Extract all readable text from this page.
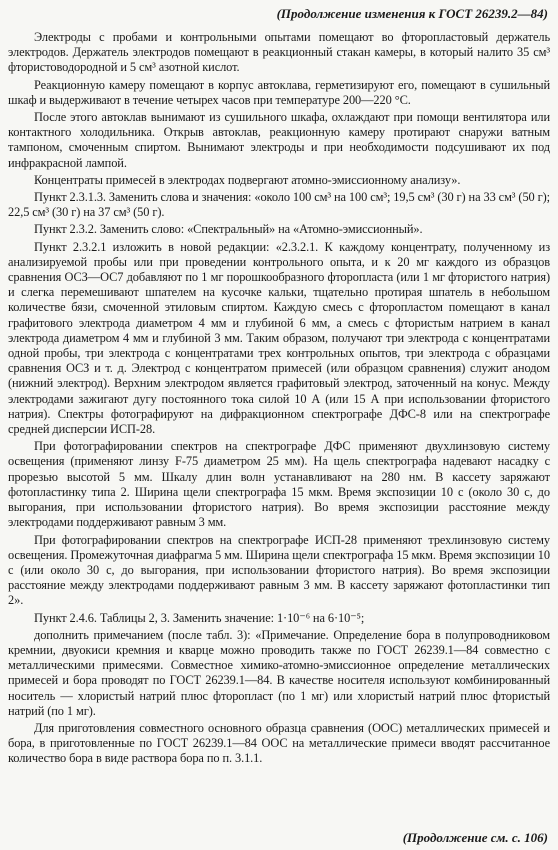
(Продолжение изменения к ГОСТ 26239.2—84)

Электроды с пробами и контрольными опытами помещают во фторопластовый держатель электродов. Держатель электродов помещают в реакционный стакан камеры, в который налито 35 см³ фтористоводородной и 5 см³ азотной кислот.

Реакционную камеру помещают в корпус автоклава, герметизируют его, помещают в сушильный шкаф и выдерживают в течение четырех часов при температуре 200—220 °С.

После этого автоклав вынимают из сушильного шкафа, охлаждают при помощи вентилятора или контактного холодильника. Открыв автоклав, реакционную камеру протирают снаружи ватным тампоном, смоченным спиртом. Вынимают электроды и при необходимости подсушивают их под инфракрасной лампой.

Концентраты примесей в электродах подвергают атомно-эмиссионному анализу».

Пункт 2.3.1.3. Заменить слова и значения: «около 100 см³ на 100 см³; 19,5 см³ (30 г) на 33 см³ (50 г); 22,5 см³ (30 г) на 37 см³ (50 г).

Пункт 2.3.2. Заменить слово: «Спектральный» на «Атомно-эмиссионный».

Пункт 2.3.2.1 изложить в новой редакции: «2.3.2.1. К каждому концентрату, полученному из анализируемой пробы или при проведении контрольного опыта, и к 20 мг каждого из образцов сравнения ОСЗ—ОС7 добавляют по 1 мг порошкообразного фторопласта (или 1 мг фтористого натрия) и слегка перемешивают шпателем на кусочке кальки, тщательно протирая шпатель в небольшом количестве бязи, смоченной этиловым спиртом. Каждую смесь с фторопластом помещают в канал графитового электрода диаметром 4 мм и глубиной 6 мм, а смесь с фтористым натрием в канал электрода диаметром 4 мм и глубиной 3 мм. Таким образом, получают три электрода с концентратами одной пробы, три электрода с концентратами трех контрольных опытов, три электрода с образцами сравнения ОСЗ и т. д. Электрод с концентратом примесей (или образцом сравнения) служит анодом (нижний электрод). Верхним электродом является графитовый электрод, заточенный на конус. Между электродами зажигают дугу постоянного тока силой 10 А (или 15 А при использовании фтористого натрия). Спектры фотографируют на дифракционном спектрографе ДФС-8 или на спектрографе средней дисперсии ИСП-28.

При фотографировании спектров на спектрографе ДФС применяют двухлинзовую систему освещения (применяют линзу F-75 диаметром 25 мм). На щель спектрографа надевают насадку с прорезью высотой 5 мм. Шкалу длин волн устанавливают на 280 нм. В кассету заряжают фотопластинку типа 2. Ширина щели спектрографа 15 мкм. Время экспозиции 10 с (около 30 с, до выгорания, при использовании фтористого натрия). Во время экспозиции расстояние между электродами поддерживают равным 3 мм.

При фотографировании спектров на спектрографе ИСП-28 применяют трехлинзовую систему освещения. Промежуточная диафрагма 5 мм. Ширина щели спектрографа 15 мкм. Время экспозиции 10 с (или около 30 с, до выгорания, при использовании фтористого натрия). Во время экспозиции расстояние между электродами поддерживают равным 3 мм. В кассету заряжают фотопластинки тип 2».

Пункт 2.4.6. Таблицы 2, 3. Заменить значение: 1·10⁻⁶ на 6·10⁻⁵;

дополнить примечанием (после табл. 3): «Примечание. Определение бора в полупроводниковом кремнии, двуокиси кремния и кварце можно проводить также по ГОСТ 26239.1—84 совместно с металлическими примесями. Совместное химико-атомно-эмиссионное определение металлических примесей и бора проводят по ГОСТ 26239.1—84. В качестве носителя используют комбинированный носитель — хлористый натрий плюс фторопласт (по 1 мг) или хлористый натрий плюс фтористый натрий (по 1 мг).

Для приготовления совместного основного образца сравнения (ООС) металлических примесей и бора, в приготовленные по ГОСТ 26239.1—84 ООС на металлические примеси вводят рассчитанное количество бора в виде раствора бора по п. 3.1.1.

(Продолжение см. с. 106)
